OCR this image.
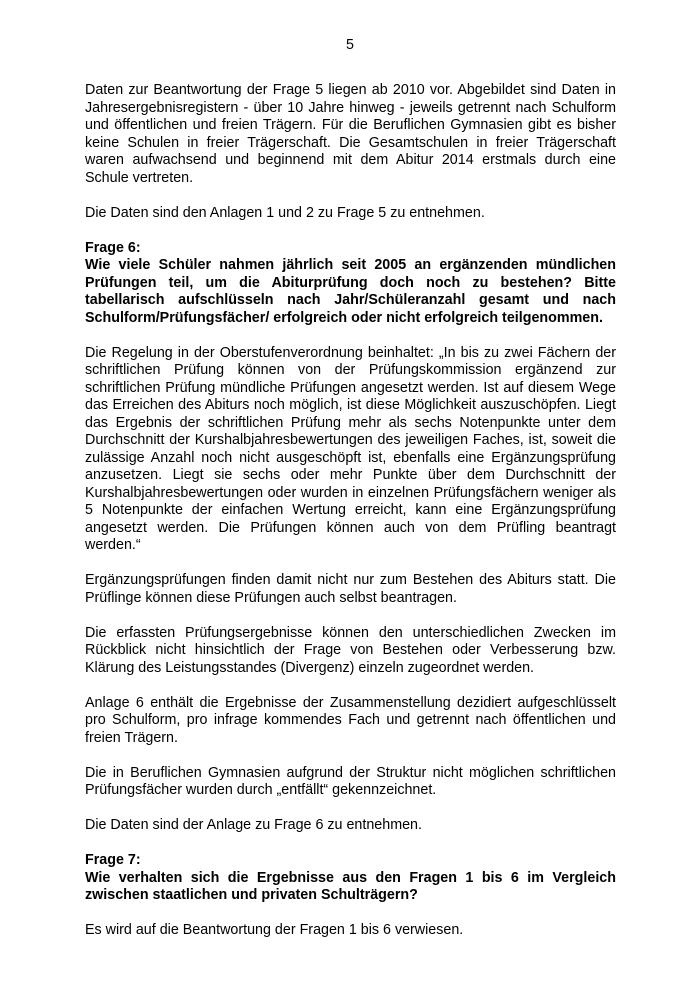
5

Daten zur Beantwortung der Frage 5 liegen ab 2010 vor. Abgebildet sind Daten in Jahresergebnisregistern - über 10 Jahre hinweg - jeweils getrennt nach Schulform und öffentlichen und freien Trägern. Für die Beruflichen Gymnasien gibt es bisher keine Schulen in freier Trägerschaft. Die Gesamtschulen in freier Trägerschaft waren aufwachsend und beginnend mit dem Abitur 2014 erstmals durch eine Schule vertreten.

Die Daten sind den Anlagen 1 und 2 zu Frage 5 zu entnehmen.

Frage 6:
Wie viele Schüler nahmen jährlich seit 2005 an ergänzenden mündlichen Prüfungen teil, um die Abiturprüfung doch noch zu bestehen? Bitte tabellarisch aufschlüsseln nach Jahr/Schüleranzahl gesamt und nach Schulform/Prüfungsfächer/ erfolgreich oder nicht erfolgreich teilgenommen.

Die Regelung in der Oberstufenverordnung beinhaltet: „In bis zu zwei Fächern der schriftlichen Prüfung können von der Prüfungskommission ergänzend zur schriftlichen Prüfung mündliche Prüfungen angesetzt werden. Ist auf diesem Wege das Erreichen des Abiturs noch möglich, ist diese Möglichkeit auszuschöpfen. Liegt das Ergebnis der schriftlichen Prüfung mehr als sechs Notenpunkte unter dem Durchschnitt der Kurshalbjahresbewertungen des jeweiligen Faches, ist, soweit die zulässige Anzahl noch nicht ausgeschöpft ist, ebenfalls eine Ergänzungsprüfung anzusetzen. Liegt sie sechs oder mehr Punkte über dem Durchschnitt der Kurshalbjahresbewertungen oder wurden in einzelnen Prüfungsfächern weniger als 5 Notenpunkte der einfachen Wertung erreicht, kann eine Ergänzungsprüfung angesetzt werden. Die Prüfungen können auch von dem Prüfling beantragt werden.“

Ergänzungsprüfungen finden damit nicht nur zum Bestehen des Abiturs statt. Die Prüflinge können diese Prüfungen auch selbst beantragen.

Die erfassten Prüfungsergebnisse können den unterschiedlichen Zwecken im Rückblick nicht hinsichtlich der Frage von Bestehen oder Verbesserung bzw. Klärung des Leistungsstandes (Divergenz) einzeln zugeordnet werden.

Anlage 6 enthält die Ergebnisse der Zusammenstellung dezidiert aufgeschlüsselt pro Schulform, pro infrage kommendes Fach und getrennt nach öffentlichen und freien Trägern.

Die in Beruflichen Gymnasien aufgrund der Struktur nicht möglichen schriftlichen Prüfungsfächer wurden durch „entfällt“ gekennzeichnet.

Die Daten sind der Anlage zu Frage 6 zu entnehmen.

Frage 7:
Wie verhalten sich die Ergebnisse aus den Fragen 1 bis 6 im Vergleich zwischen staatlichen und privaten Schulträgern?

Es wird auf die Beantwortung der Fragen 1 bis 6 verwiesen.
